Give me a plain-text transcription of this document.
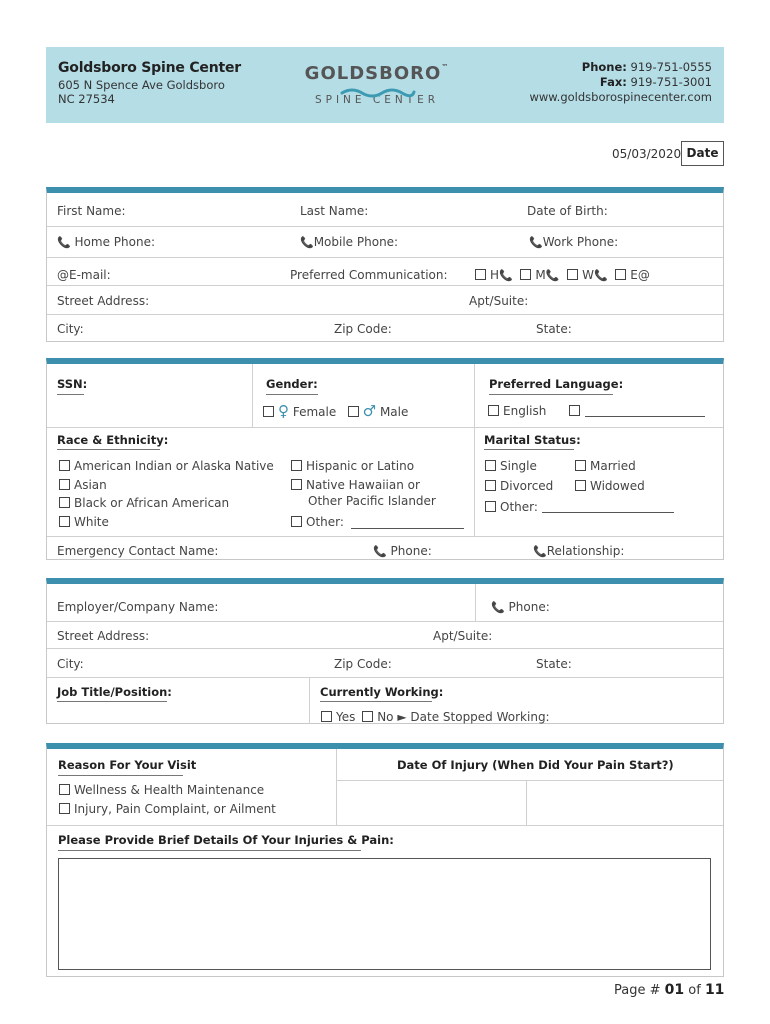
Goldsboro Spine Center
605 N Spence Ave Goldsboro
NC 27534
GOLDSBORO™
SPINE CENTER
Phone: 919-751-0555
Fax: 919-751-3001
www.goldsborospinecenter.com
05/03/2020 Date
First Name:	Last Name:	Date of Birth:
📞 Home Phone:	📞Mobile Phone:	📞Work Phone:
@E-mail:	Preferred Communication:	H📞 M📞 W📞 E@
Street Address:	Apt/Suite:
City:	Zip Code:	State:
SSN:	Gender:
♀ Female ♂ Male
Preferred Language:
English
Race & Ethnicity:
American Indian or Alaska Native
Asian
Black or African American
White
Hispanic or Latino
Native Hawaiian or
Other Pacific Islander
Other:
Marital Status:
Single	Married
Divorced	Widowed
Other:
Emergency Contact Name:	📞 Phone:	📞Relationship:
Employer/Company Name:	📞 Phone:
Street Address:	Apt/Suite:
City:	Zip Code:	State:
Job Title/Position:	Currently Working:
Yes No ► Date Stopped Working:
Reason For Your Visit
Wellness & Health Maintenance
Injury, Pain Complaint, or Ailment
Date Of Injury (When Did Your Pain Start?)
Please Provide Brief Details Of Your Injuries & Pain:
Page # 01 of 11
